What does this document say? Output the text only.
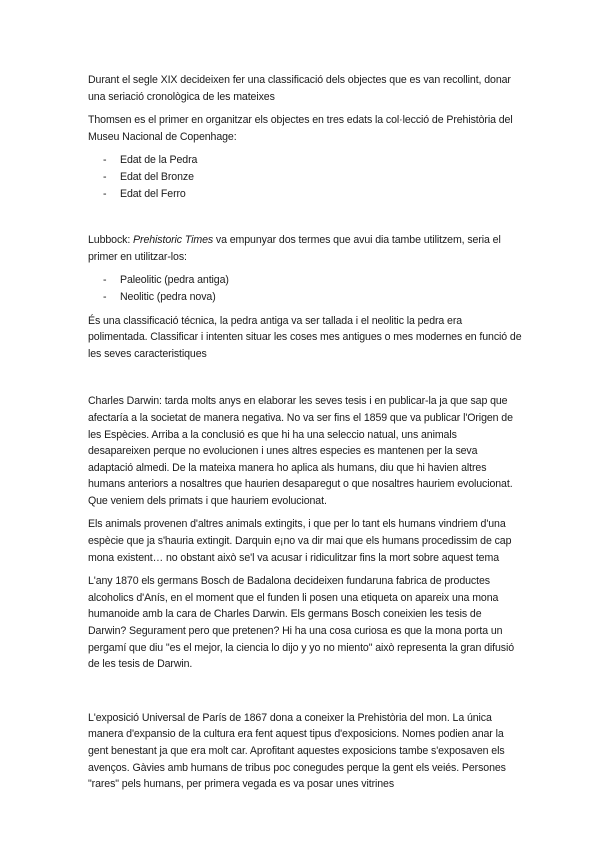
Durant el segle XIX decideixen fer una classificació dels objectes que es van recollint, donar una seriació cronològica de les mateixes

Thomsen es el primer en organitzar els objectes en tres edats la col·lecció de Prehistòria del Museu Nacional de Copenhage:

- Edat de la Pedra
- Edat del Bronze
- Edat del Ferro

Lubbock: Prehistoric Times va empunyar dos termes que avui dia tambe utilitzem, seria el primer en utilitzar-los:

- Paleolitic (pedra antiga)
- Neolitic (pedra nova)

És una classificació técnica, la pedra antiga va ser tallada i el neolitic la pedra era polimentada. Classificar i intenten situar les coses mes antigues o mes modernes en funció de les seves caracteristiques

Charles Darwin: tarda molts anys en elaborar les seves tesis i en publicar-la ja que sap que afectaría a la societat de manera negativa. No va ser fins el 1859 que va publicar l'Origen de les Espècies. Arriba a la conclusió es que hi ha una seleccio natual, uns animals desapareixen perque no evolucionen i unes altres especies es mantenen per la seva adaptació almedi. De la mateixa manera ho aplica als humans, diu que hi havien altres humans anteriors a nosaltres que haurien desaparegut o que nosaltres hauriem evolucionat. Que veniem dels primats i que hauriem evolucionat.

Els animals provenen d'altres animals extingits, i que per lo tant els humans vindriem d'una espècie que ja s'hauria extingit. Darquin e¡no va dir mai que els humans procedissim de cap mona existent… no obstant això se'l va acusar i ridiculitzar fins la mort sobre aquest tema

L'any 1870 els germans Bosch de Badalona decideixen fundaruna fabrica de productes alcoholics d'Anís, en el moment que el funden li posen una etiqueta on apareix una mona humanoide amb la cara de Charles Darwin. Els germans Bosch coneixien les tesis de Darwin? Segurament pero que pretenen? Hi ha una cosa curiosa es que la mona porta un pergamí que diu "es el mejor, la ciencia lo dijo y yo no miento" això representa la gran difusió de les tesis de Darwin.

L'exposició Universal de París de 1867 dona a coneixer la Prehistòria del mon. La única manera d'expansio de la cultura era fent aquest tipus d'exposicions. Nomes podien anar la gent benestant ja que era molt car. Aprofitant aquestes exposicions tambe s'exposaven els avenços. Gàvies amb humans de tribus poc conegudes perque la gent els veiés. Persones "rares" pels humans, per primera vegada es va posar unes vitrines
